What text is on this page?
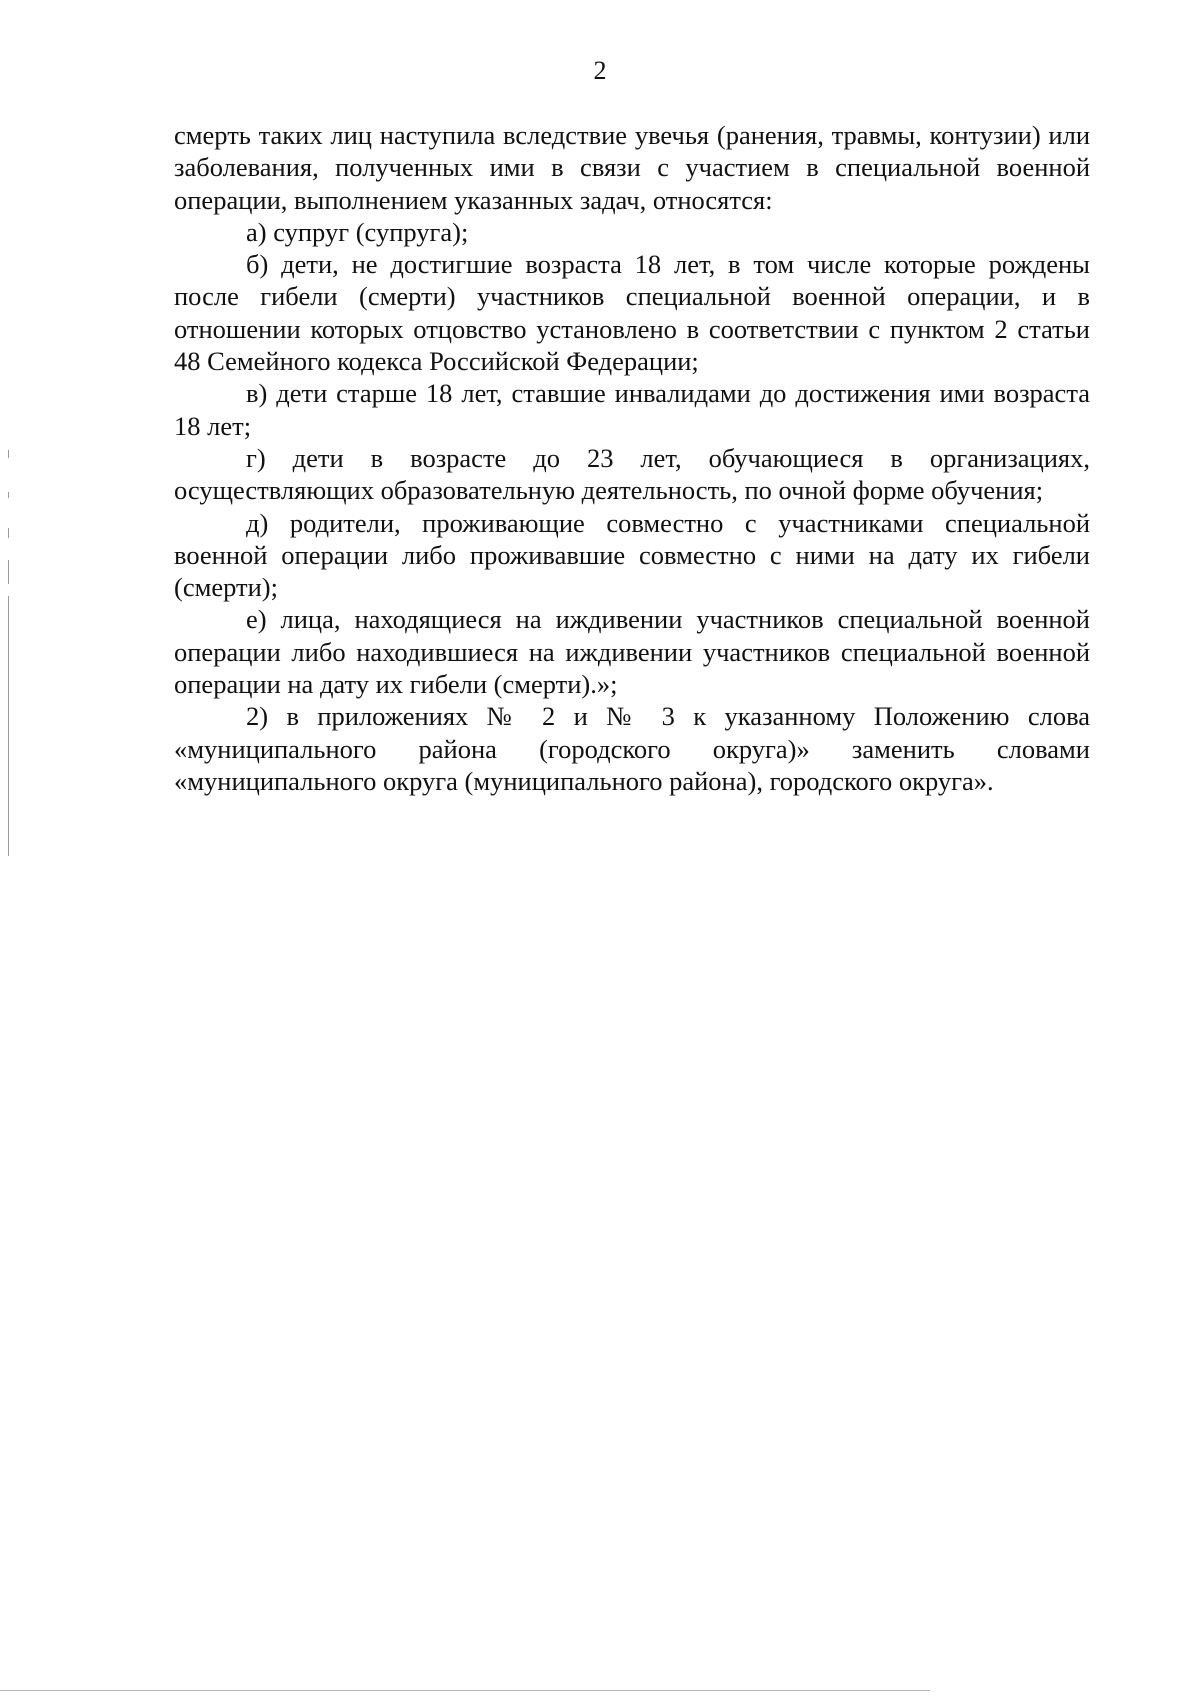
2

смерть таких лиц наступила вследствие увечья (ранения, травмы, контузии) или заболевания, полученных ими в связи с участием в специальной военной операции, выполнением указанных задач, относятся:

а) супруг (супруга);

б) дети, не достигшие возраста 18 лет, в том числе которые рождены после гибели (смерти) участников специальной военной операции, и в отношении которых отцовство установлено в соответствии с пунктом 2 статьи 48 Семейного кодекса Российской Федерации;

в) дети старше 18 лет, ставшие инвалидами до достижения ими возраста 18 лет;

г) дети в возрасте до 23 лет, обучающиеся в организациях, осуществляющих образовательную деятельность, по очной форме обучения;

д) родители, проживающие совместно с участниками специальной военной операции либо проживавшие совместно с ними на дату их гибели (смерти);

е) лица, находящиеся на иждивении участников специальной военной операции либо находившиеся на иждивении участников специальной военной операции на дату их гибели (смерти).»;

2) в приложениях № 2 и № 3 к указанному Положению слова «муниципального района (городского округа)» заменить словами «муниципального округа (муниципального района), городского округа».
